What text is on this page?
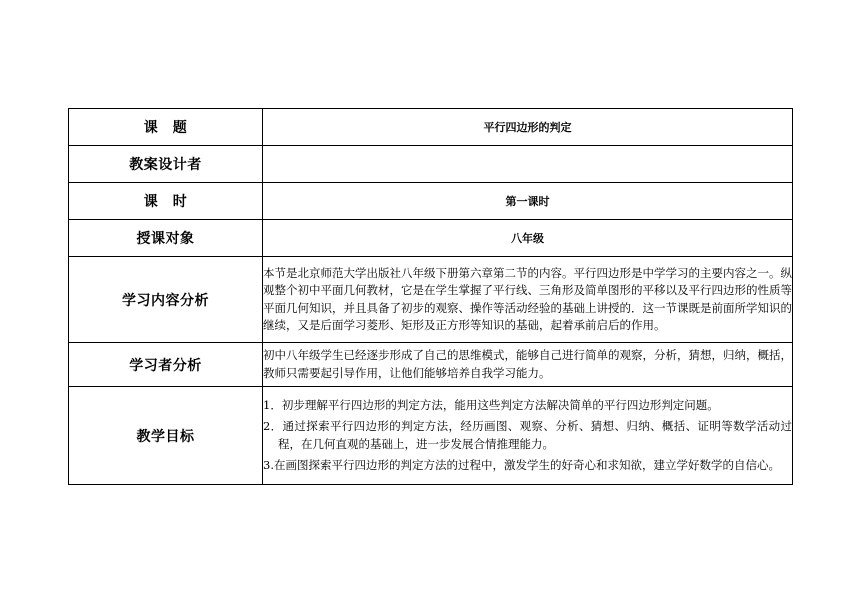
课　题	平行四边形的判定
教案设计者	
课　时	第一课时
授课对象	八年级
学习内容分析	本节是北京师范大学出版社八年级下册第六章第二节的内容。平行四边形是中学学习的主要内容之一。纵观整个初中平面几何教材，它是在学生掌握了平行线、三角形及简单图形的平移以及平行四边形的性质等平面几何知识，并且具备了初步的观察、操作等活动经验的基础上讲授的．这一节课既是前面所学知识的继续，又是后面学习菱形、矩形及正方形等知识的基础，起着承前启后的作用。
学习者分析	初中八年级学生已经逐步形成了自己的思维模式，能够自己进行简单的观察，分析，猜想，归纳，概括，教师只需要起引导作用，让他们能够培养自我学习能力。
教学目标	1．初步理解平行四边形的判定方法，能用这些判定方法解决简单的平行四边形判定问题。

2．通过探索平行四边形的判定方法，经历画图、观察、分析、猜想、归纳、概括、证明等数学活动过程，在几何直观的基础上，进一步发展合情推理能力。

3.在画图探索平行四边形的判定方法的过程中，激发学生的好奇心和求知欲，建立学好数学的自信心。
